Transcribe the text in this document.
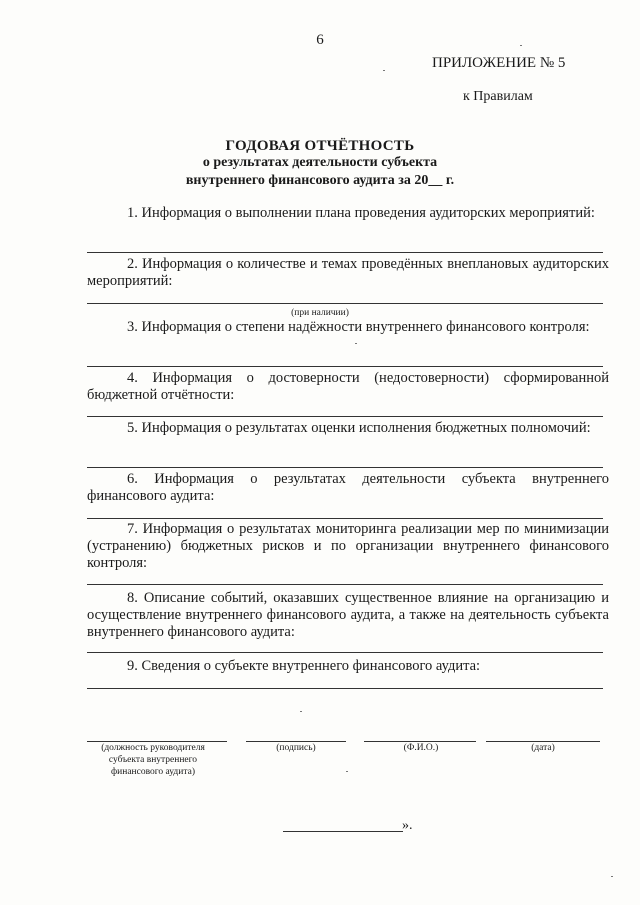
6
ПРИЛОЖЕНИЕ № 5
к Правилам
ГОДОВАЯ ОТЧЁТНОСТЬ
о результатах деятельности субъекта
внутреннего финансового аудита за 20__ г.
1. Информация о выполнении плана проведения аудиторских мероприятий:
2. Информация о количестве и темах проведённых внеплановых аудиторских мероприятий:
(при наличии)
3. Информация о степени надёжности внутреннего финансового контроля:
4. Информация о достоверности (недостоверности) сформированной бюджетной отчётности:
5. Информация о результатах оценки исполнения бюджетных полномочий:
6. Информация о результатах деятельности субъекта внутреннего финансового аудита:
7. Информация о результатах мониторинга реализации мер по минимизации (устранению) бюджетных рисков и по организации внутреннего финансового контроля:
8. Описание событий, оказавших существенное влияние на организацию и осуществление внутреннего финансового аудита, а также на деятельность субъекта внутреннего финансового аудита:
9. Сведения о субъекте внутреннего финансового аудита:
(должность руководителя субъекта внутреннего финансового аудита)
(подпись)	(Ф.И.О.)	(дата)
».
